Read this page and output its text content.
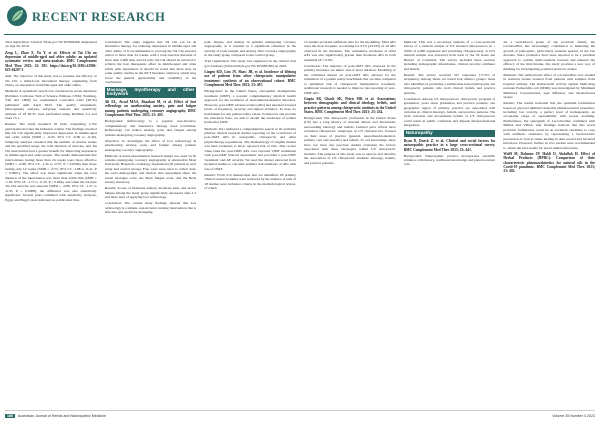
RECENT RESEARCH

Trial registration: Clinical Trials.gov NCT03994499. Registered on July 20, 2019.

Zeng L, Zhao X, Yu Y, et al. Effects of Tai Chi on depression of middle-aged and older adults: an updated systematic review and meta-analysis. BMC Complement Med Ther. 2023; 23: 382. https://doi.org/10.1186/s12906-023-04207-1

Aim: The objective of this study was to evaluate the efficacy of Tai Chi, a mind-body movement therapy originating from China, on depression in middle-aged and older adults.

Methods: A systematic search was conducted in seven databases (Pubmed, Cochrane, Web of Science, Embase, CNKI, Wanfang, VIP, and CBM) for randomized controlled trials (RCTs) published until April 2023. The quality assessment, heterogeneity analysis, subgroup analysis and sensitivity analysis of 18 RCTs were performed using RevMan 5.4 and Stata 15.1.

Results: The study included 18 trials comprising 1,702 participants that met the inclusion criteria. The findings revealed that Tai Chi significantly improved depression in middle-aged and older adults (SMD = -0.65, 95% CI: -0.90 to -0.40). Subgroup analyses revealed that the number of session weeks and the specified usage, the total duration of exercise, and Tai Chi intervention had a greater benefit for improving depression in middle-aged and older people. The results demonstrated that interventions lasting more than 24 weeks were more effective (SMD = -0.88, 95% CI: -1.39 to -0.37, P = 0.0006) than those lasting only 12 weeks (SMD = -0.75, 95% CI: -1.08 to -0.41, P < 0.0001). The effect was more significant when the total duration of the intervention was more than 2,000 min (SMD = -1.02, 95% CI: -1.71 to -0.32, P = 0.004), and when the 24-style Tai Chi exercise was selected (SMD = -0.86, 95% CI: -1.37 to -0.35, P = 0.0008), the difference was also statistically significant. Several plots combined with sensitivity analyses, Egger and Begg's tests indicated no publication bias.

Conclusion: The study suggests that Tai Chi can be an alternative therapy for reducing depression in middle-aged and older adults. It is recommended to prolong the Tai Chi exercise period to more than 24 weeks, with a total exercise duration of more than 2,000 min, and 24-style Tai Chi should be selected to achieve the best therapeutic effect in middle-aged and older adults with depression. It should be noted that there may be some quality studies in the RCT literature analysed, which may lower the general applicability and credibility of the conclusions.

Massage, myotherapy and other bodywork

Ali EL, Awad MAA, Shaaban M, et al. Effect of foot reflexology on ameliorating anxiety, pain and fatigue among patients undergoing coronary angiography. BMC Complement Med Ther. 2023; 23: 405.

Background: Reflexology is a popular non-invasive, complementary and alternative therapy used worldwide. Reflexology can reduce anxiety, pain, and fatigue among patients undergoing coronary angiography.

Objective: To investigate the effect of foot reflexology in ameliorating anxiety, pain, and fatigue among patients undergoing coronary angiography.

Methods: A quasi-experimental research design was used on 60 patients undergoing coronary angiography at Alexandria Main University Hospital's cardiology department (30 patients in each study and control group). Four tools were used to collect data: the socio-demographic and clinical data assessment sheet, the visual analogue scale, the Piper fatigue scale, and the Beck anxiety inventory.

Results: Scores of moderate anxiety, moderate pain, and severe fatigue among the study group significantly decreased after 2 h and three days of applying foot reflexology.

Conclusion: The current study findings showed that foot reflexology is a simple, non-invasive nursing intervention that is effective and useful for managing

pain, fatigue, and anxiety in patients undergoing coronary angiography as it resulted in a significant reduction in the severity of pain, fatigue, and anxiety after coronary angiography in the study group compared to the control group.

Trial registration: The study was registered in the clinical trial gov database (ClinicalTrials.gov NCT05983784) on 2023.

Lingen KD, Lim JY, Shaw JR, et al. Incidence of lifelong use of patients from other chiropractic manipulative treatment: synthesis of an observational cohort. BMC Complement Med Ther. 2023; 23: 407.

Background: In the United States, osteopathic manipulative treatment (OMT), a popular complementary physical health approach for the treatment of neuromusculoskeletal disorders. However, post-OMT adverse events (AEs) and elevated lowered levels of frequency, severity, and impact evidence. To date, no benchmark for any patient safety exists. To improve and provide the education base, we aim to model the landscape of patient harm after OMT.

Methods: We conducted a comprehensive search of all available primary clinical research studies reporting on the occurrence of post-OMT AEs in osteopathic, chiropractic and other physiotherapy populations. The methodology of eligible studies was then evaluated to show reported risk of bias. This occurs when risks the post-OMT AEs over reported 'OMT treatments with post-OMT interval assessment' and provided a post-OMT 'treatment' and AE severity. We used the dataset extracted from included studies to calculate primary risk estimates of AEs with rate of OMT.

Results: From 212 manuscripts that we identified, 28 primary clinical research studies were reviewed by the authors. A total of 18 studies were inclusion criteria in the methodological review, of which

13 studies provided sufficient data for the modelling. Mild AEs were the most frequent, accounting for 91% (43/165) of all AEs observed in the literature. The cumulative incidence of mild AEs was also significantly greater than moderate AEs in both treatment (P < 0.05).

Conclusion: The majority of post-OMT AEs observed in the primary literature are minor and of short duration. Modeling of the combined dataset on post-OMT AEs allowed for the estimation of a patient safety benchmark that we then compared to published risk of chiropractic manipulative treatment. Additional research is needed to improve the reporting of post-OMT AEs.

Gupta SR, Ghosh SK, Peiris MK et al. Associations between demographic and clinical ideology, beliefs, and practice patterns among chiropractic students in the United States. BMC Complement Med Ther. 2023; 23: 434.

Background: The chiropractic profession in the United States (US) has a long history of internal debate and discussions surrounding ideology and beliefs. Limited prior efforts have evaluated chiropractic subgroups of US chiropractors focused on their areas of practice (general, neuromusculoskeletal, primary care and specific) and beliefs. To our knowledge, there have not been any previous studies exploring the factors associated with these ideologies within US chiropractic students. The purpose of this study was to explore and describe the association of US chiropractic students' ideology, beliefs, and practice patterns.

Methods: This was a secondary analysis of a cross-sectional survey of a random sample of US licensed chiropractors (n = 3,000 of 4,000 registered and practising chiropractors). A 10% random sample was extracted from each of the 50 states and District of Columbia. The survey included three sections including demographic information, clinical practice attributes and beliefs.

Results: The survey received 527 responses (17.6% of recipients). Among them, we found four distinct groups: those who identified as practising a subluxation-based philosophy and chiropractic patients who hold clinical beliefs and practice patterns.

Conclusion: Among US chiropractors, chiropractic program of graduation, years since graduation and practice patterns, and geographic region of primary practice are associated with variation in clinical ideology, beliefs, and practice patterns. The wide variation and inconsistent beliefs of US chiropractors could result in public confusion and impede interprofessional integration.

Naturopathy

Ryan D, Dueck Z, et al. Clinical and social factors for naturopathic practice in a large cross-sectional survey. BMC Complement Med Ther. 2023; 23: 441.

Background: Naturopathic practice incorporates scientific evidence with history, traditional knowledge and patient-centred care.

As a well-known group of the probiotic family, the Lactobacillus has increasingly contributed to hindering the growth of pathogenic, particularly resistant species, in the last decades. Since probiotics have been reported to be a potential approach to combat multi-resistant bacteria and enhance the efficacy of the microbiome, this study provides a new way of thinking for investigating potential probiotic strains.

Methods: The antibacterial effect of Lactobacillus was studied in resistant strains isolated from patients with samples from hospital settings. The antibacterial activity against multi-drug resistant Escherichia coli (MDR) was investigated by Minimum Inhibitory Concentration, agar diffusion, and checkerboard assays.

Results: The results indicated that the optimum formulation based on glycerol inhibited desirable pharmaceutical properties, including low toxicity, a perfect level of homogeneity, an acceptable range of spreadability with proper doubling. Furthermore, the synergism of Lactobacillus combined with MRSA and VRSA. Our findings indicate that this novel probiotic formulation could be an excellent candidate to cope with antibiotic resistance by representing a bacteriostatic prevention as well as tissue healing in skin wound and bacterial infections. However, further in vivo studies were recommended to obtain the best results for use in human infections.

Wolff M, Dohmen JP, Haldi D, Abdallah H. Effect of Herbal Products (HPRC): Comparison of their characteristic pharmacokinetics for natural oils in the Covid-19 pandemic. BMC Complement Med Ther. 2023; 23: 402.

186 Australian Journal of Herbal and Naturopathic Medicine	Volume 35 Number 4 2023
